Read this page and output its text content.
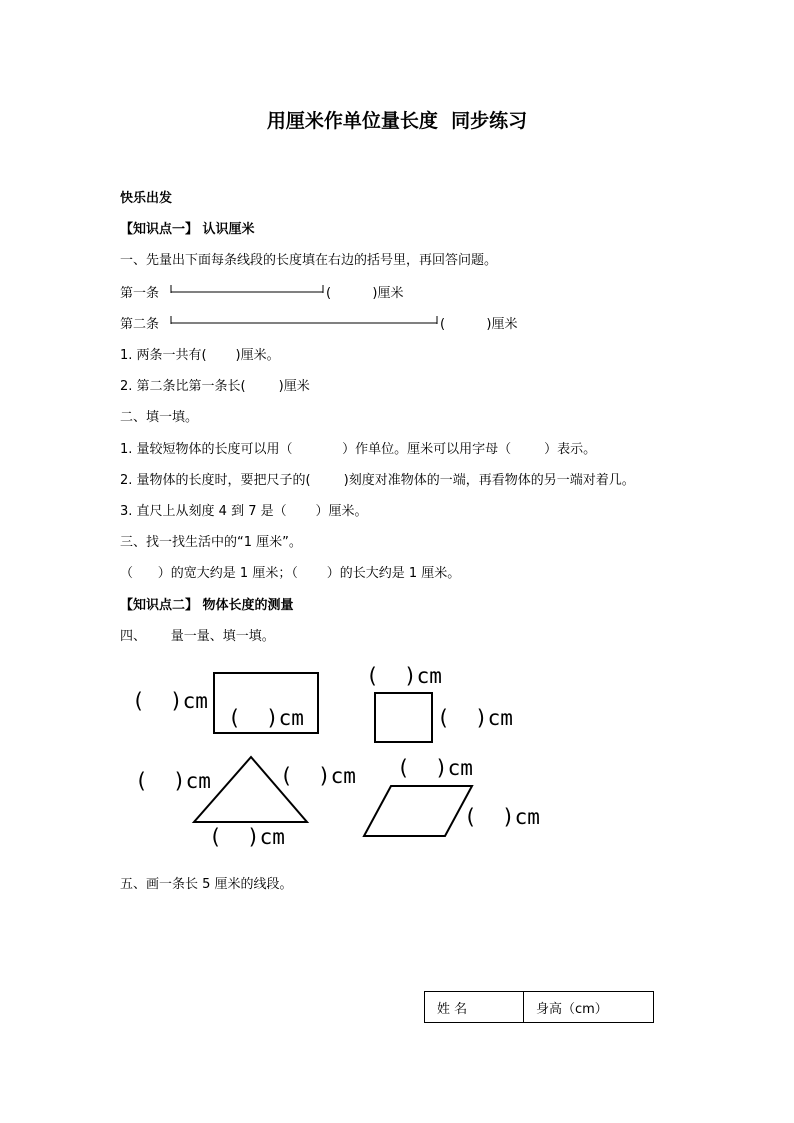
用厘米作单位量长度  同步练习
快乐出发
【知识点一】 认识厘米
一、先量出下面每条线段的长度填在右边的括号里，再回答问题。
第一条	(          )厘米
第二条	(          )厘米
1. 两条一共有(       )厘米。
2. 第二条比第一条长(        )厘米
二、填一填。
1. 量较短物体的长度可以用（            ）作单位。厘米可以用字母（        ）表示。
2. 量物体的长度时，要把尺子的(        )刻度对准物体的一端，再看物体的另一端对着几。
3. 直尺上从刻度 4 到 7 是（       ）厘米。
三、找一找生活中的“1 厘米”。
（      ）的宽大约是 1 厘米；（       ）的长大约是 1 厘米。
【知识点二】 物体长度的测量
四、      量一量、填一填。
(  )cm
(  )cm
(  )cm
(  )cm
(  )cm	(  )cm
(  )cm
(  )cm
(  )cm
五、画一条长 5 厘米的线段。
姓 名	身高（cm）
